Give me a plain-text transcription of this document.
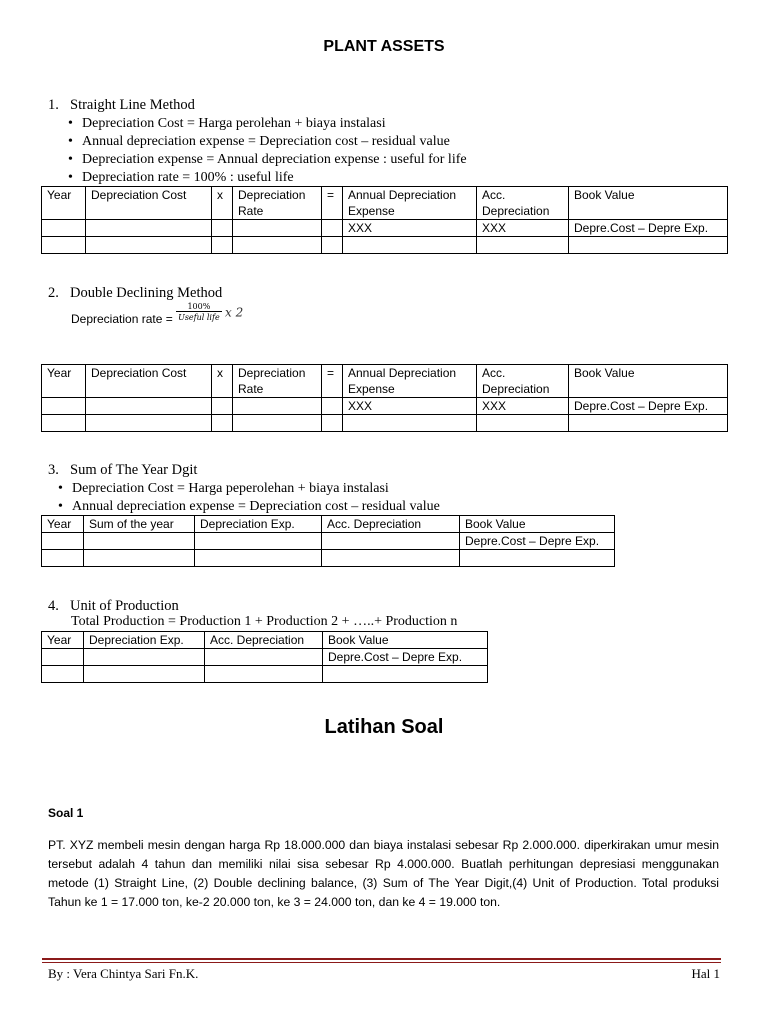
PLANT ASSETS
1. Straight Line Method
• Depreciation Cost = Harga perolehan + biaya instalasi
• Annual depreciation expense = Depreciation cost – residual value
• Depreciation expense = Annual depreciation expense : useful for life
• Depreciation rate = 100% : useful life
Year	Depreciation Cost	x	Depreciation Rate	=	Annual Depreciation Expense	Acc. Depreciation	Book Value
					XXX	XXX	Depre.Cost – Depre Exp.

2. Double Declining Method
Depreciation rate = $\frac{100\%}{\text{Useful life}}$ x 2
Year	Depreciation Cost	x	Depreciation Rate	=	Annual Depreciation Expense	Acc. Depreciation	Book Value
					XXX	XXX	Depre.Cost – Depre Exp.

3. Sum of The Year Dgit
• Depreciation Cost = Harga peperolehan + biaya instalasi
• Annual depreciation expense = Depreciation cost – residual value
Year	Sum of the year	Depreciation Exp.	Acc. Depreciation	Book Value
				Depre.Cost – Depre Exp.

4. Unit of Production
Total Production = Production 1 + Production 2 + …..+ Production n
Year	Depreciation Exp.	Acc. Depreciation	Book Value
			Depre.Cost – Depre Exp.

Latihan Soal
Soal 1
PT. XYZ membeli mesin dengan harga Rp 18.000.000 dan biaya instalasi sebesar Rp 2.000.000. diperkirakan umur mesin tersebut adalah 4 tahun dan memiliki nilai sisa sebesar Rp 4.000.000. Buatlah perhitungan depresiasi menggunakan metode (1) Straight Line, (2) Double declining balance, (3) Sum of The Year Digit,(4) Unit of Production. Total produksi Tahun ke 1 = 17.000 ton, ke-2 20.000 ton, ke 3 = 24.000 ton, dan ke 4 = 19.000 ton.
By : Vera Chintya Sari Fn.K.	Hal 1
